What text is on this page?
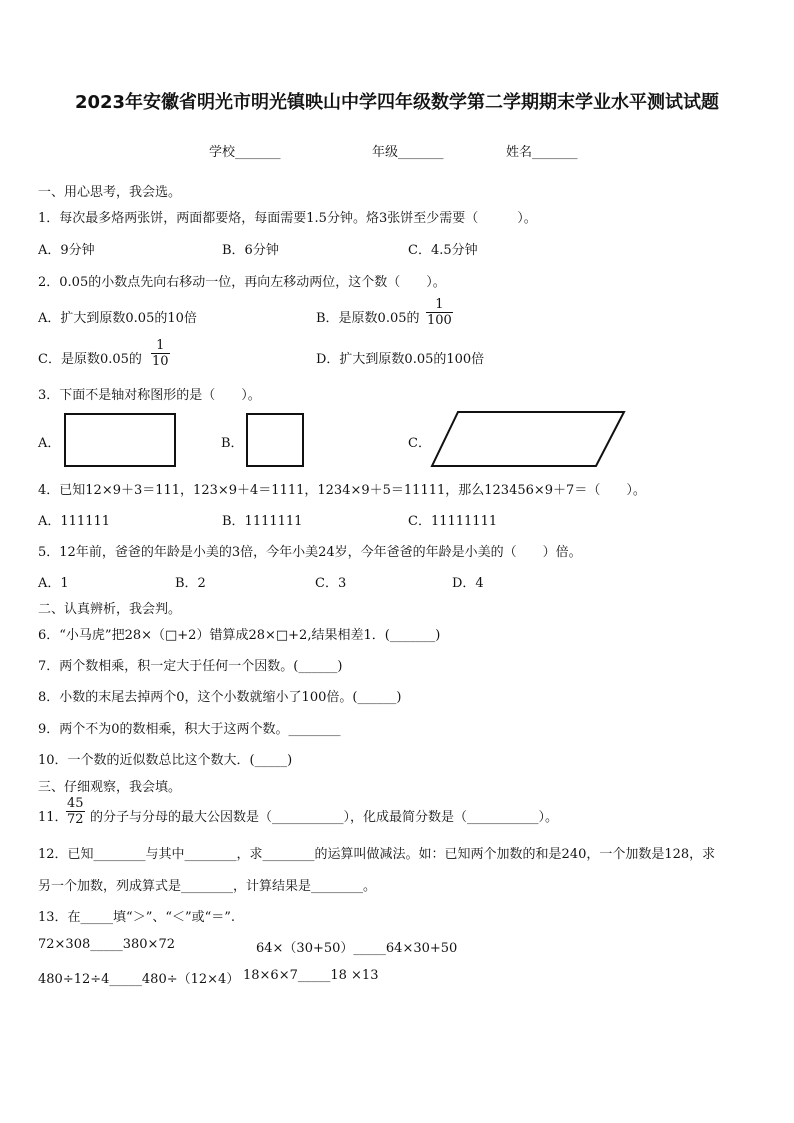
2023年安徽省明光市明光镇映山中学四年级数学第二学期期末学业水平测试试题
学校_______	年级_______	姓名_______
一、用心思考，我会选。
1．每次最多烙两张饼，两面都要烙，每面需要1.5分钟。烙3张饼至少需要（　　　）。
A．9分钟	B．6分钟	C．4.5分钟
2．0.05的小数点先向右移动一位，再向左移动两位，这个数（　　）。
A．扩大到原数0.05的10倍	B．是原数0.05的 $\frac{1}{100}$
C．是原数0.05的 $\frac{1}{10}$	D．扩大到原数0.05的100倍
3．下面不是轴对称图形的是（　　）。
A．	B．	C．
4．已知12×9＋3＝111，123×9＋4＝1111，1234×9＋5＝11111，那么123456×9＋7＝（　　）。
A．111111	B．1111111	C．11111111
5．12年前，爸爸的年龄是小美的3倍，今年小美24岁，今年爸爸的年龄是小美的（　　）倍。
A．1	B．2	C．3	D．4
二、认真辨析，我会判。
6．“小马虎”把28×（□+2）错算成28×□+2,结果相差1．(_______)
7．两个数相乘，积一定大于任何一个因数。(______)
8．小数的末尾去掉两个0，这个小数就缩小了100倍。(______)
9．两个不为0的数相乘，积大于这两个数。________
10．一个数的近似数总比这个数大．(_____)
三、仔细观察，我会填。
11．
$\frac{45}{72}$ 的分子与分母的最大公因数是（___________），化成最简分数是（___________）。
12．已知________与其中________，求________的运算叫做减法。如：已知两个加数的和是240，一个加数是128，求
另一个加数，列成算式是________，计算结果是________。
13．在_____填“＞”、“＜”或“＝”.
72×308_____380×72	64×（30+50）_____64×30+50
480÷12÷4_____480÷（12×4） 18×6×7_____18 ×13
